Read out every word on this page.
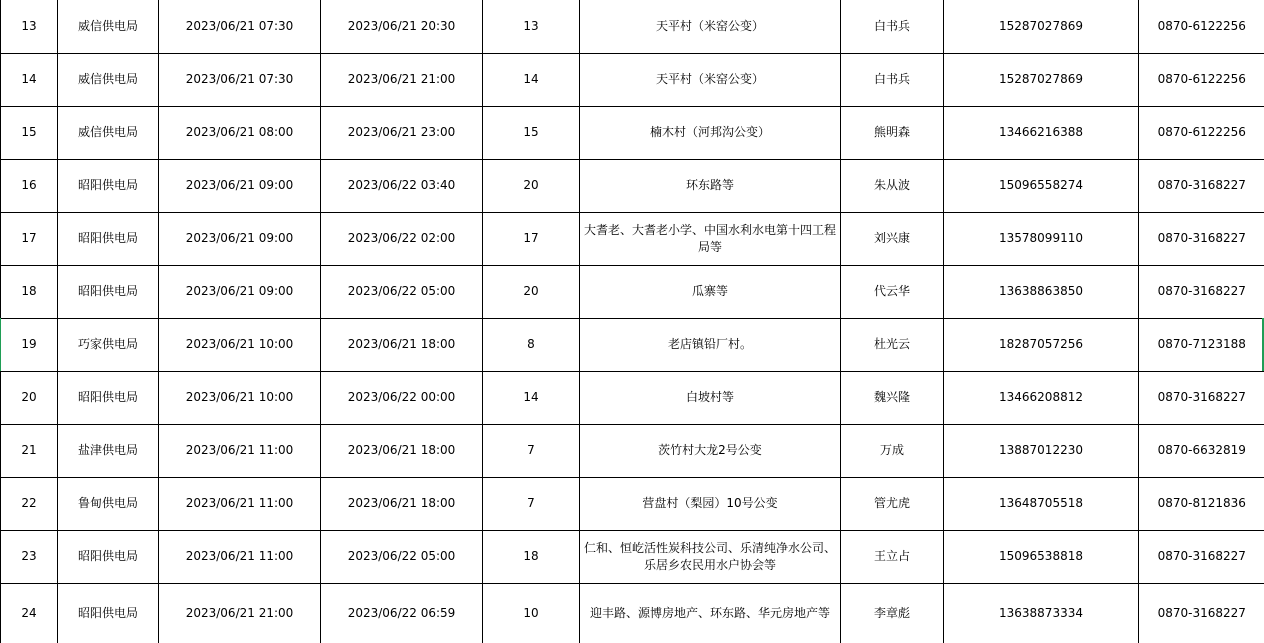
13	威信供电局	2023/06/21 07:30	2023/06/21 20:30	13	天平村（米窑公变）	白书兵	15287027869	0870-6122256
14	威信供电局	2023/06/21 07:30	2023/06/21 21:00	14	天平村（米窑公变）	白书兵	15287027869	0870-6122256
15	威信供电局	2023/06/21 08:00	2023/06/21 23:00	15	楠木村（河邦沟公变）	熊明森	13466216388	0870-6122256
16	昭阳供电局	2023/06/21 09:00	2023/06/22 03:40	20	环东路等	朱从波	15096558274	0870-3168227
17	昭阳供电局	2023/06/21 09:00	2023/06/22 02:00	17	大耆老、大耆老小学、中国水利水电第十四工程局等	刘兴康	13578099110	0870-3168227
18	昭阳供电局	2023/06/21 09:00	2023/06/22 05:00	20	瓜寨等	代云华	13638863850	0870-3168227
19	巧家供电局	2023/06/21 10:00	2023/06/21 18:00	8	老店镇铅厂村。	杜光云	18287057256	0870-7123188
20	昭阳供电局	2023/06/21 10:00	2023/06/22 00:00	14	白坡村等	魏兴隆	13466208812	0870-3168227
21	盐津供电局	2023/06/21 11:00	2023/06/21 18:00	7	茨竹村大龙2号公变	万成	13887012230	0870-6632819
22	鲁甸供电局	2023/06/21 11:00	2023/06/21 18:00	7	营盘村（梨园）10号公变	管尤虎	13648705518	0870-8121836
23	昭阳供电局	2023/06/21 11:00	2023/06/22 05:00	18	仁和、恒屹活性炭科技公司、乐清纯净水公司、乐居乡农民用水户协会等	王立占	15096538818	0870-3168227
24	昭阳供电局	2023/06/21 21:00	2023/06/22 06:59	10	迎丰路、源博房地产、环东路、华元房地产等	李章彪	13638873334	0870-3168227
